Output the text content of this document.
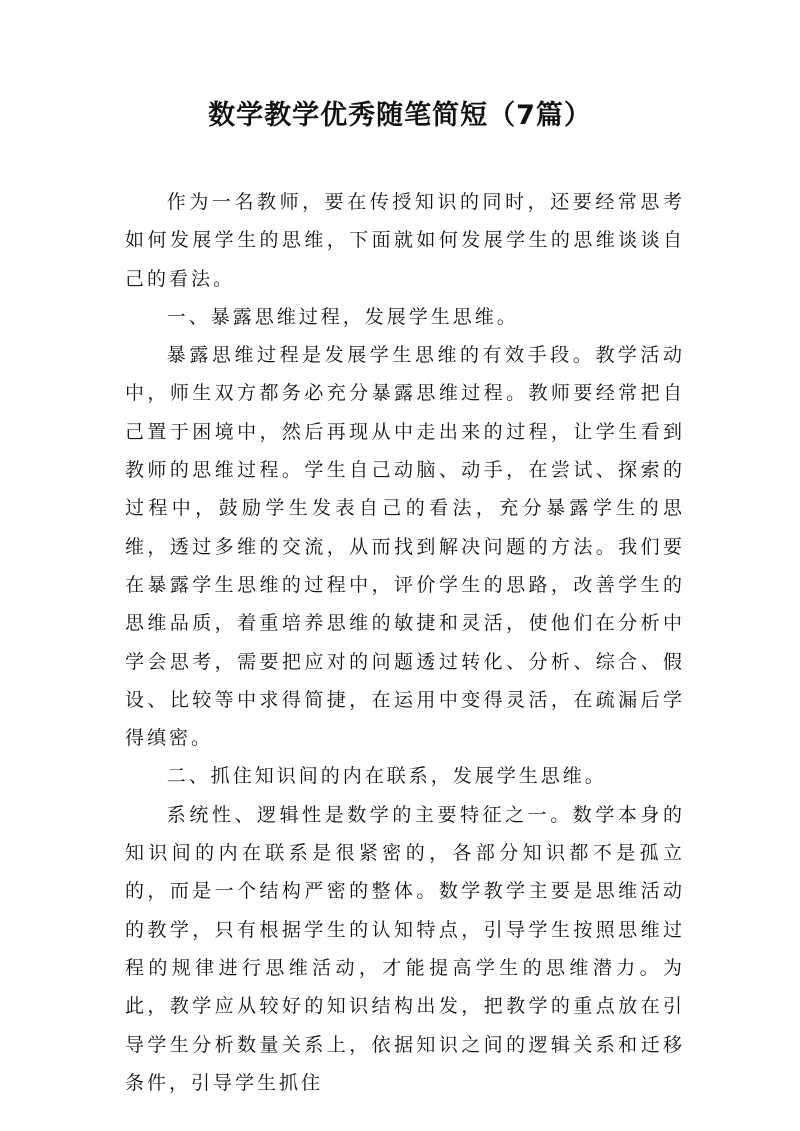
数学教学优秀随笔简短（7篇）

作为一名教师，要在传授知识的同时，还要经常思考如何发展学生的思维，下面就如何发展学生的思维谈谈自己的看法。

一、暴露思维过程，发展学生思维。

暴露思维过程是发展学生思维的有效手段。教学活动中，师生双方都务必充分暴露思维过程。教师要经常把自己置于困境中，然后再现从中走出来的过程，让学生看到教师的思维过程。学生自己动脑、动手，在尝试、探索的过程中，鼓励学生发表自己的看法，充分暴露学生的思维，透过多维的交流，从而找到解决问题的方法。我们要在暴露学生思维的过程中，评价学生的思路，改善学生的思维品质，着重培养思维的敏捷和灵活，使他们在分析中学会思考，需要把应对的问题透过转化、分析、综合、假设、比较等中求得简捷，在运用中变得灵活，在疏漏后学得缜密。

二、抓住知识间的内在联系，发展学生思维。

系统性、逻辑性是数学的主要特征之一。数学本身的知识间的内在联系是很紧密的，各部分知识都不是孤立的，而是一个结构严密的整体。数学教学主要是思维活动的教学，只有根据学生的认知特点，引导学生按照思维过程的规律进行思维活动，才能提高学生的思维潜力。为此，教学应从较好的知识结构出发，把教学的重点放在引导学生分析数量关系上，依据知识之间的逻辑关系和迁移条件，引导学生抓住
